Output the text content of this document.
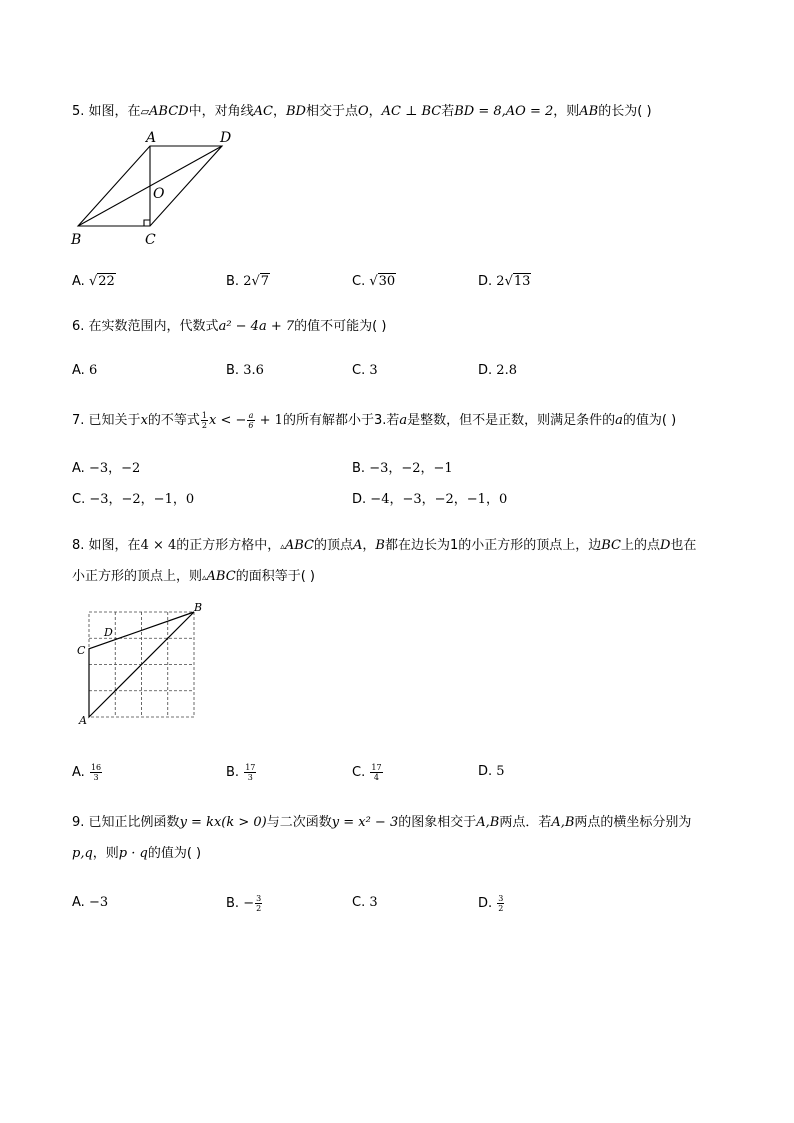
5. 如图，在▱ABCD中，对角线AC，BD相交于点O，AC ⊥ BC若BD = 8,AO = 2，则AB的长为( )
A	D
O
B	C
A. √22	B. 2√7	C. √30	D. 2√13
6. 在实数范围内，代数式a² − 4a + 7的值不可能为( )
A. 6	B. 3.6	C. 3	D. 2.8
7. 已知关于x的不等式 $\frac{1}{2}$ x < − $\frac{a}{6} + 1$的所有解都小于3.若a是整数，但不是正数，则满足条件的a的值为( )
A. −3，−2	B. −3，−2，−1
C. −3，−2，−1，0	D. −4，−3，−2，−1，0
8. 如图，在4 × 4的正方形方格中，▵ABC的顶点A，B都在边长为1的小正方形的顶点上，边BC上的点D也在
小正方形的顶点上，则▵ABC的面积等于( )
A
B
C
D
A. $\frac{16}{3}$	B. $\frac{17}{3}$	C. $\frac{17}{4}$	D. 5
9. 已知正比例函数y = kx(k > 0)与二次函数y = x² − 3的图象相交于A,B两点．若A,B两点的横坐标分别为
p,q，则p · q的值为( )
A. −3	B. − $\frac{3}{2}$	C. 3	D. $\frac{3}{2}$
